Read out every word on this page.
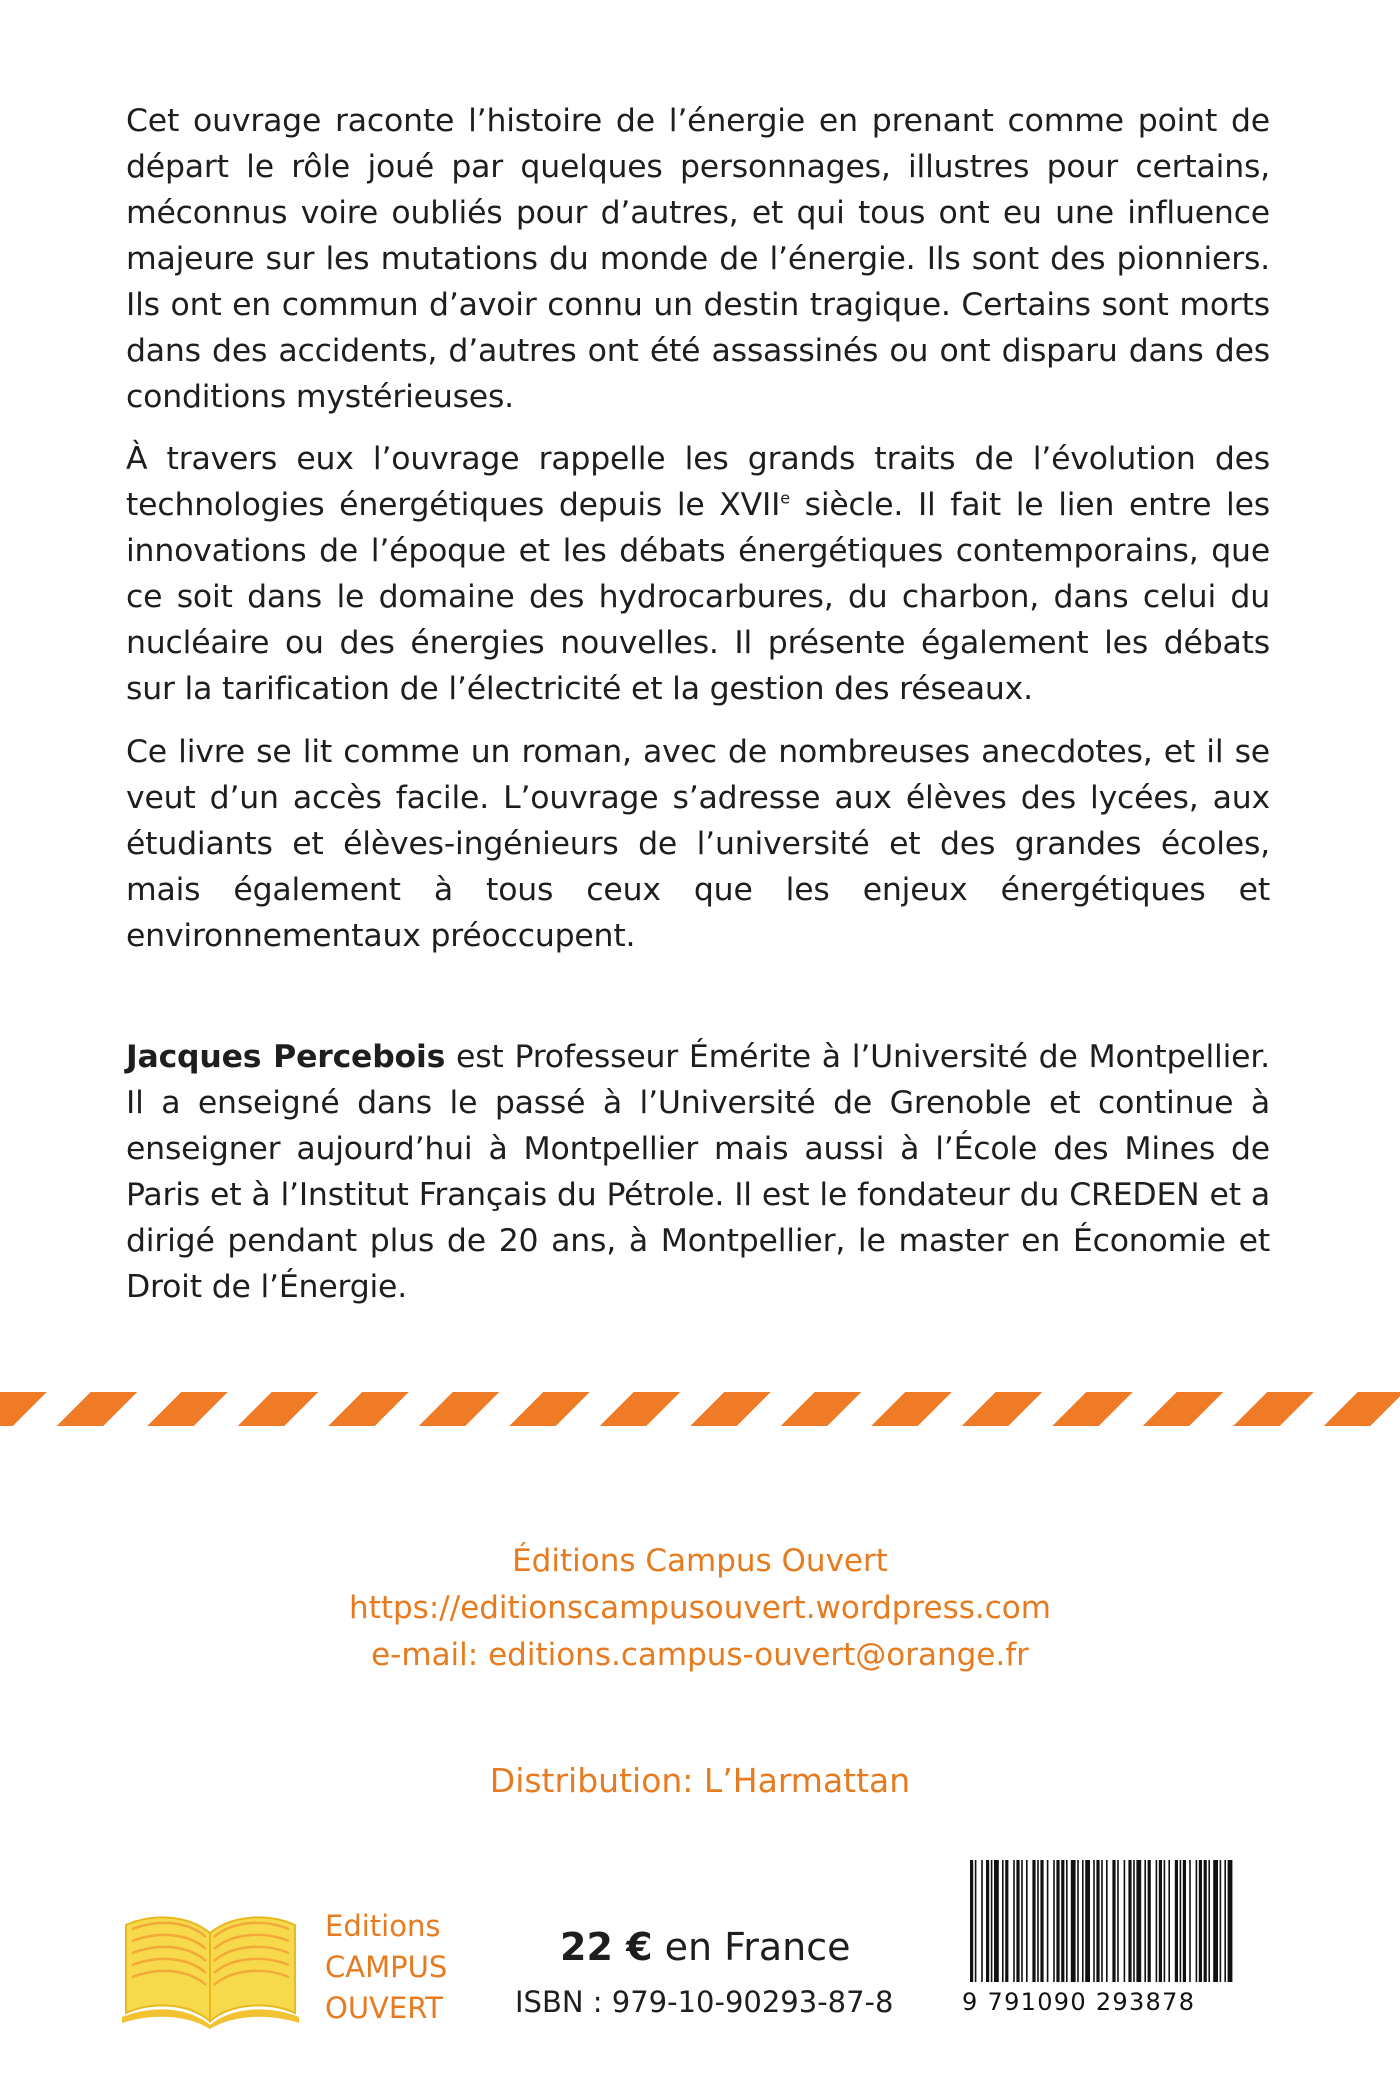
Cet ouvrage raconte l’histoire de l’énergie en prenant comme point de départ le rôle joué par quelques personnages, illustres pour certains, méconnus voire oubliés pour d’autres, et qui tous ont eu une influence majeure sur les mutations du monde de l’énergie. Ils sont des pionniers. Ils ont en commun d’avoir connu un destin tragique. Certains sont morts dans des accidents, d’autres ont été assassinés ou ont disparu dans des conditions mystérieuses.

À travers eux l’ouvrage rappelle les grands traits de l’évolution des technologies énergétiques depuis le XVIIe siècle. Il fait le lien entre les innovations de l’époque et les débats énergétiques contemporains, que ce soit dans le domaine des hydrocarbures, du charbon, dans celui du nucléaire ou des énergies nouvelles. Il présente également les débats sur la tarification de l’électricité et la gestion des réseaux.

Ce livre se lit comme un roman, avec de nombreuses anecdotes, et il se veut d’un accès facile. L’ouvrage s’adresse aux élèves des lycées, aux étudiants et élèves-ingénieurs de l’université et des grandes écoles, mais également à tous ceux que les enjeux énergétiques et environnementaux préoccupent.

Jacques Percebois est Professeur Émérite à l’Université de Montpellier. Il a enseigné dans le passé à l’Université de Grenoble et continue à enseigner aujourd’hui à Montpellier mais aussi à l’École des Mines de Paris et à l’Institut Français du Pétrole. Il est le fondateur du CREDEN et a dirigé pendant plus de 20 ans, à Montpellier, le master en Économie et Droit de l’Énergie.

Éditions Campus Ouvert
https://editionscampusouvert.wordpress.com
e-mail: editions.campus-ouvert@orange.fr
Distribution: L’Harmattan
Editions
CAMPUS
OUVERT
22 € en France
ISBN : 979-10-90293-87-8	9 791090 293878
